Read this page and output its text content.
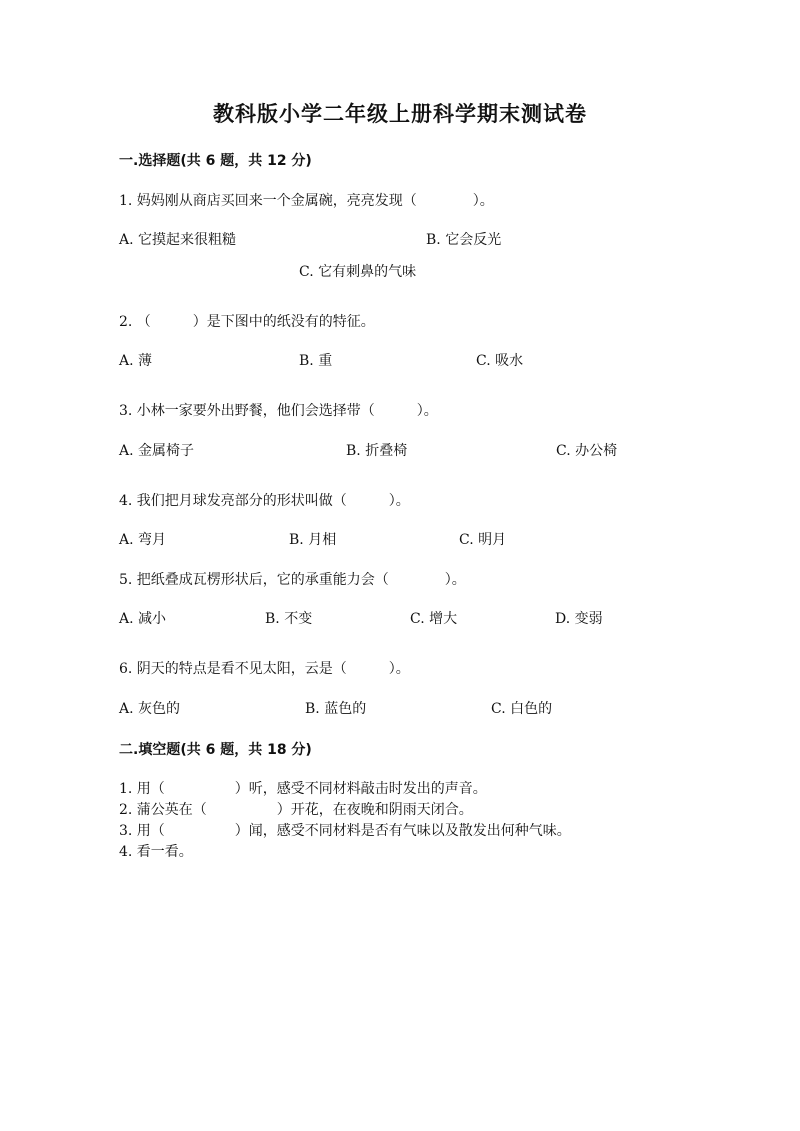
教科版小学二年级上册科学期末测试卷
一.选择题(共 6 题，共 12 分)
1. 妈妈刚从商店买回来一个金属碗，亮亮发现（　　　　）。
A. 它摸起来很粗糙	B. 它会反光
C. 它有刺鼻的气味
2. （　　　）是下图中的纸没有的特征。
A. 薄	B. 重	C. 吸水
3. 小林一家要外出野餐，他们会选择带（　　　）。
A. 金属椅子	B. 折叠椅	C. 办公椅
4. 我们把月球发亮部分的形状叫做（　　　）。
A. 弯月	B. 月相	C. 明月
5. 把纸叠成瓦楞形状后，它的承重能力会（　　　　）。
A. 减小	B. 不变	C. 增大	D. 变弱
6. 阴天的特点是看不见太阳，云是（　　　）。
A. 灰色的	B. 蓝色的	C. 白色的
二.填空题(共 6 题，共 18 分)
1. 用（　　　　　）听，感受不同材料敲击时发出的声音。
2. 蒲公英在（　　　　　）开花，在夜晚和阴雨天闭合。
3. 用（　　　　　）闻，感受不同材料是否有气味以及散发出何种气味。
4. 看一看。
